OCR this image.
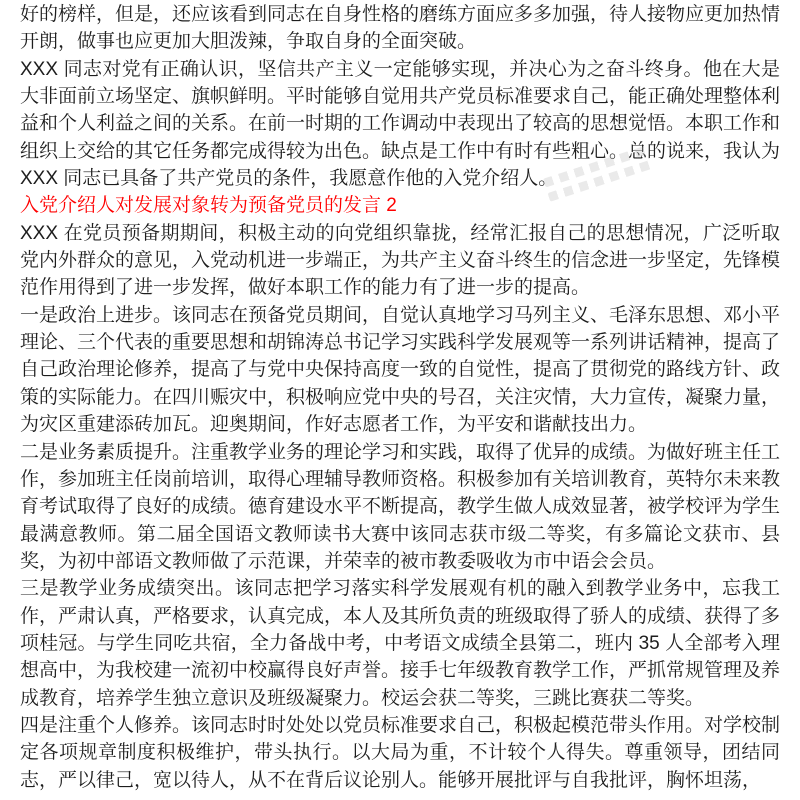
好的榜样，但是，还应该看到同志在自身性格的磨练方面应多多加强，待人接物应更加热情开朗，做事也应更加大胆泼辣，争取自身的全面突破。

XXX 同志对党有正确认识，坚信共产主义一定能够实现，并决心为之奋斗终身。他在大是大非面前立场坚定、旗帜鲜明。平时能够自觉用共产党员标准要求自己，能正确处理整体利益和个人利益之间的关系。在前一时期的工作调动中表现出了较高的思想觉悟。本职工作和组织上交给的其它任务都完成得较为出色。缺点是工作中有时有些粗心。总的说来，我认为 XXX 同志已具备了共产党员的条件，我愿意作他的入党介绍人。

入党介绍人对发展对象转为预备党员的发言 2

XXX 在党员预备期期间，积极主动的向党组织靠拢，经常汇报自己的思想情况，广泛听取党内外群众的意见，入党动机进一步端正，为共产主义奋斗终生的信念进一步坚定，先锋模范作用得到了进一步发挥，做好本职工作的能力有了进一步的提高。

一是政治上进步。该同志在预备党员期间，自觉认真地学习马列主义、毛泽东思想、邓小平理论、三个代表的重要思想和胡锦涛总书记学习实践科学发展观等一系列讲话精神，提高了自己政治理论修养，提高了与党中央保持高度一致的自觉性，提高了贯彻党的路线方针、政策的实际能力。在四川赈灾中，积极响应党中央的号召，关注灾情，大力宣传，凝聚力量，为灾区重建添砖加瓦。迎奥期间，作好志愿者工作，为平安和谐献技出力。

二是业务素质提升。注重教学业务的理论学习和实践，取得了优异的成绩。为做好班主任工作，参加班主任岗前培训，取得心理辅导教师资格。积极参加有关培训教育，英特尔未来教育考试取得了良好的成绩。德育建设水平不断提高，教学生做人成效显著，被学校评为学生最满意教师。第二届全国语文教师读书大赛中该同志获市级二等奖，有多篇论文获市、县奖，为初中部语文教师做了示范课，并荣幸的被市教委吸收为市中语会会员。

三是教学业务成绩突出。该同志把学习落实科学发展观有机的融入到教学业务中，忘我工作，严肃认真，严格要求，认真完成，本人及其所负责的班级取得了骄人的成绩、获得了多项桂冠。与学生同吃共宿，全力备战中考，中考语文成绩全县第二，班内 35 人全部考入理想高中，为我校建一流初中校赢得良好声誉。接手七年级教育教学工作，严抓常规管理及养成教育，培养学生独立意识及班级凝聚力。校运会获二等奖，三跳比赛获二等奖。

四是注重个人修养。该同志时时处处以党员标准要求自己，积极起模范带头作用。对学校制定各项规章制度积极维护，带头执行。以大局为重，不计较个人得失。尊重领导，团结同志，严以律己，宽以待人，从不在背后议论别人。能够开展批评与自我批评，胸怀坦荡，
